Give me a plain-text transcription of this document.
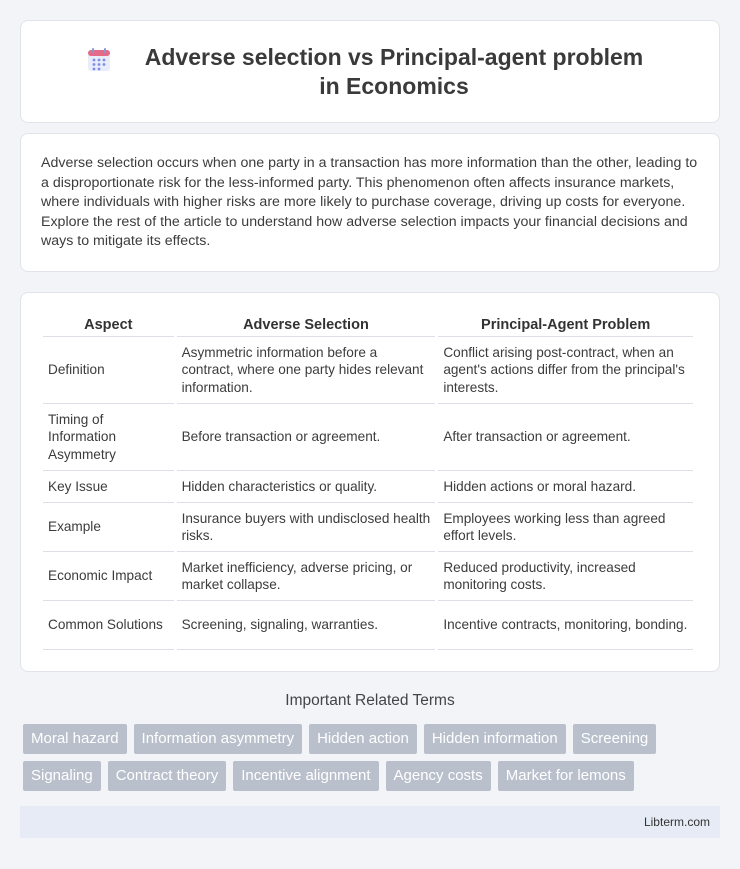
Adverse selection vs Principal-agent problem in Economics

Adverse selection occurs when one party in a transaction has more information than the other, leading to a disproportionate risk for the less-informed party. This phenomenon often affects insurance markets, where individuals with higher risks are more likely to purchase coverage, driving up costs for everyone. Explore the rest of the article to understand how adverse selection impacts your financial decisions and ways to mitigate its effects.

Aspect	Adverse Selection	Principal-Agent Problem
Definition	Asymmetric information before a contract, where one party hides relevant information.	Conflict arising post-contract, when an agent's actions differ from the principal's interests.
Timing of Information Asymmetry	Before transaction or agreement.	After transaction or agreement.
Key Issue	Hidden characteristics or quality.	Hidden actions or moral hazard.
Example	Insurance buyers with undisclosed health risks.	Employees working less than agreed effort levels.
Economic Impact	Market inefficiency, adverse pricing, or market collapse.	Reduced productivity, increased monitoring costs.
Common Solutions	Screening, signaling, warranties.	Incentive contracts, monitoring, bonding.
Important Related Terms
Moral hazard	Information asymmetry	Hidden action	Hidden information	Screening
Signaling	Contract theory	Incentive alignment	Agency costs	Market for lemons
Libterm.com
